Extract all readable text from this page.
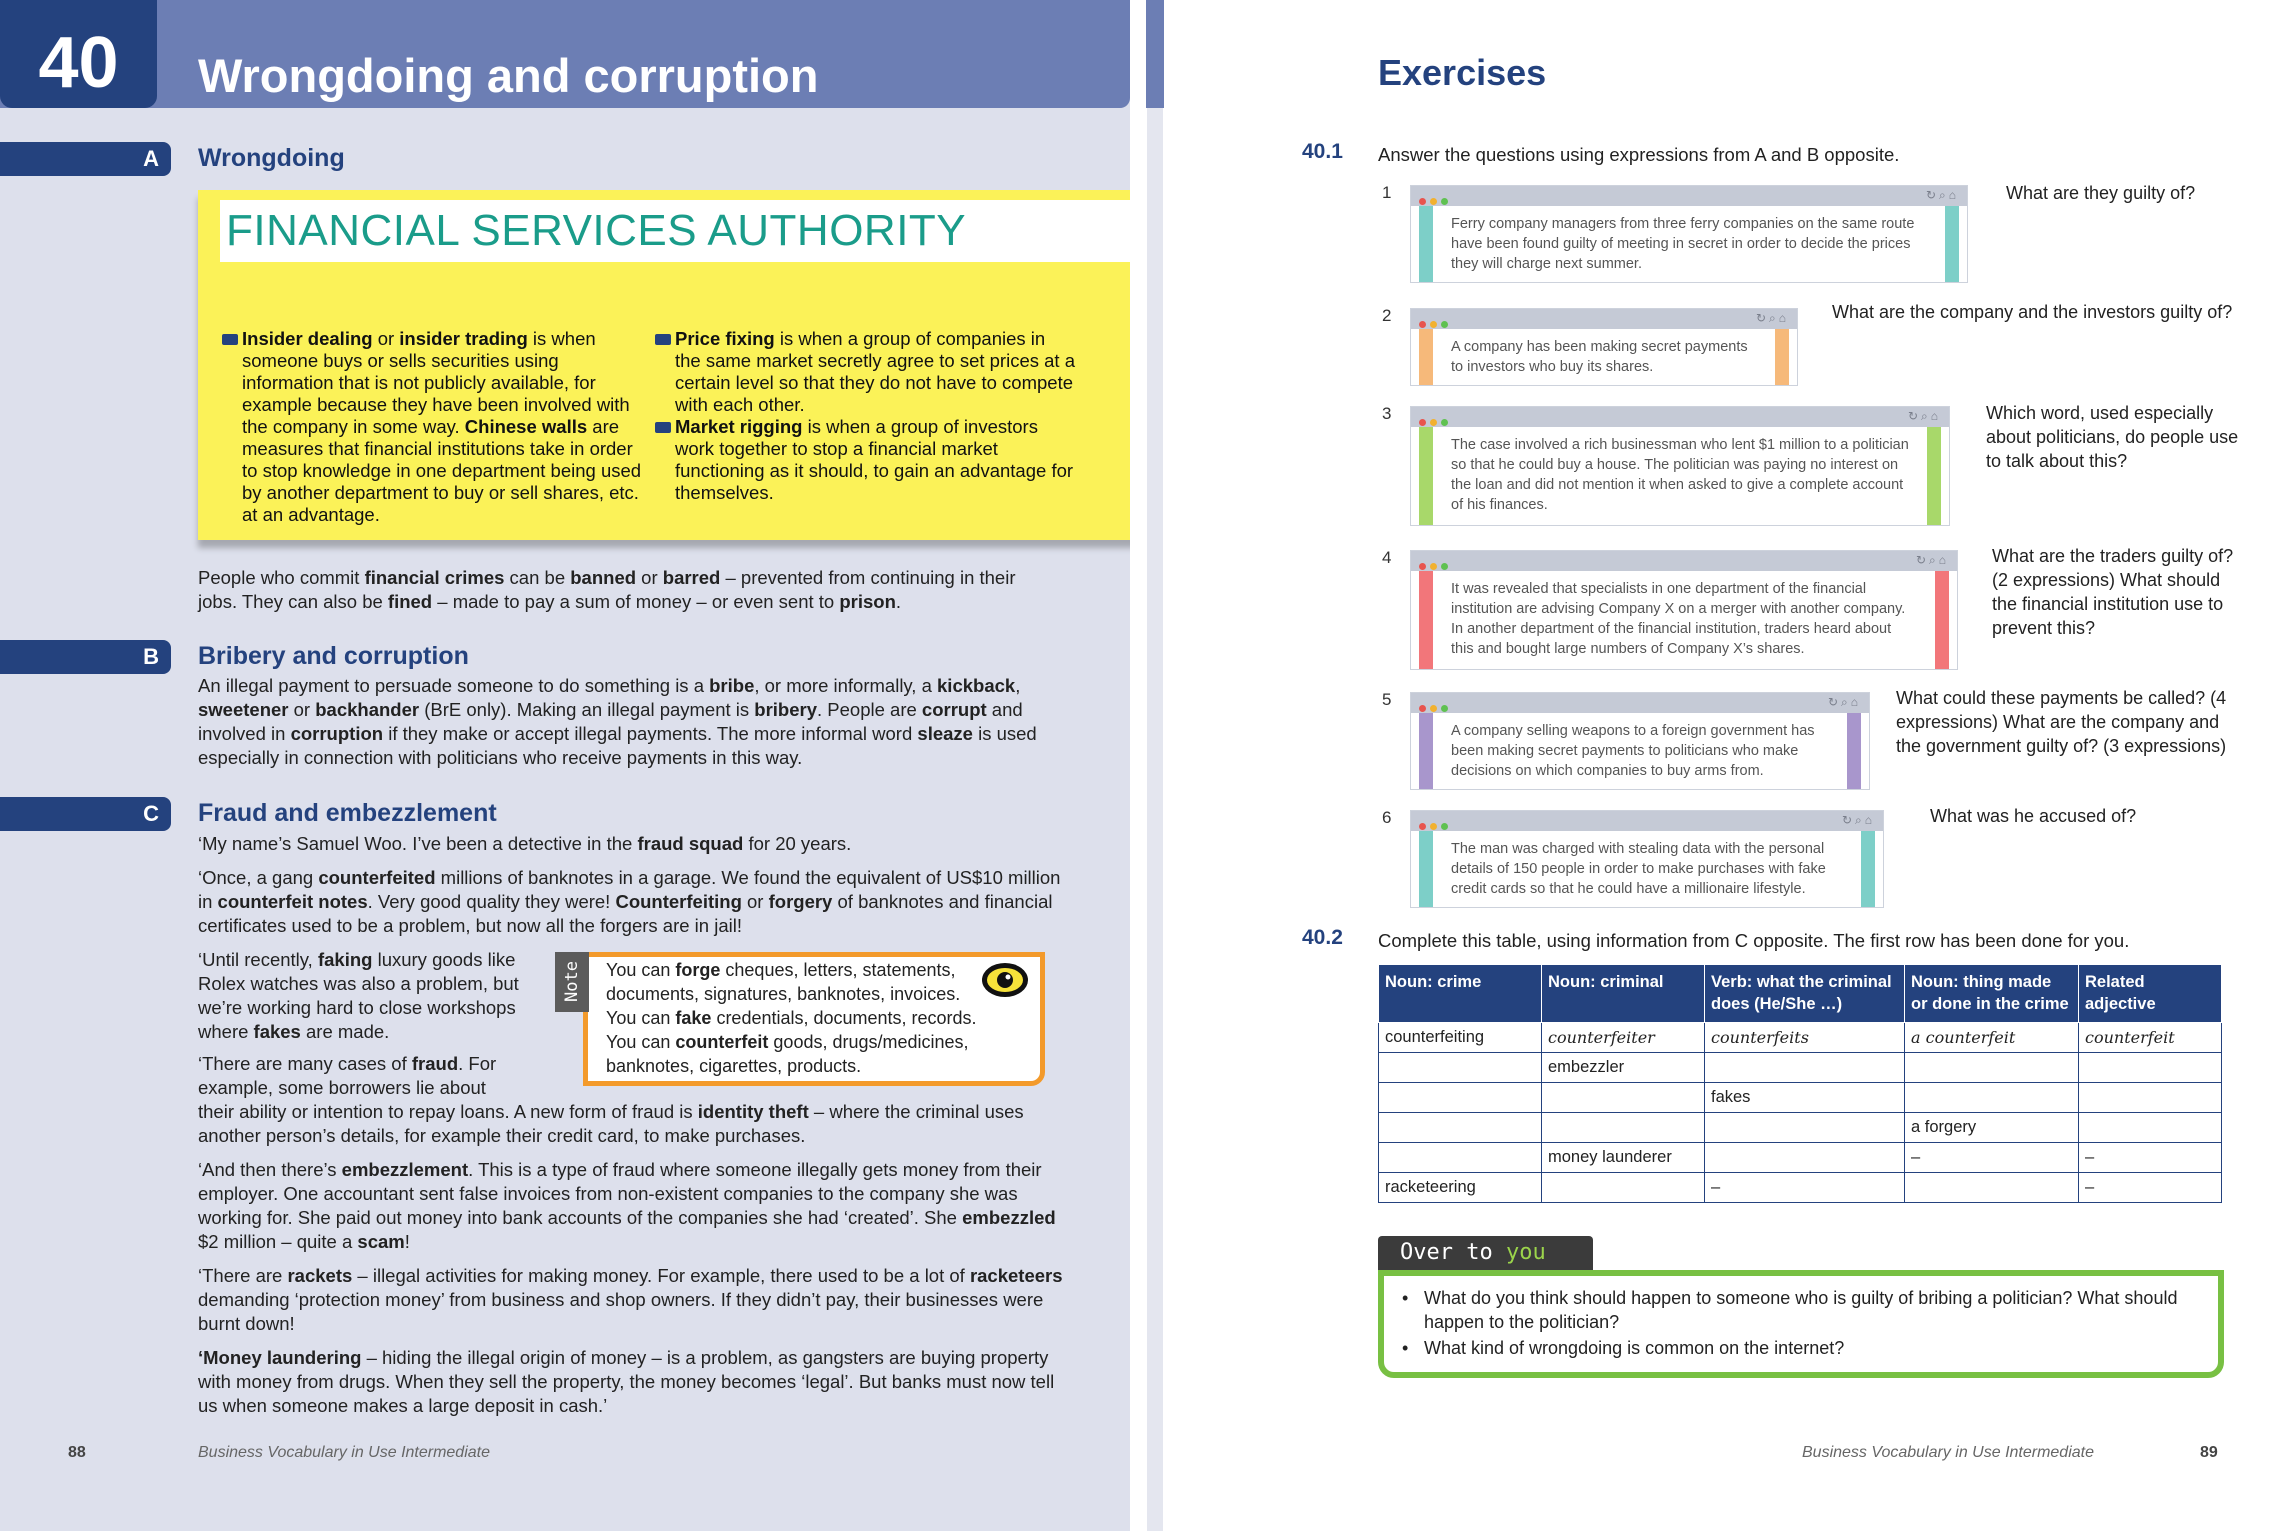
40	Wrongdoing and corruption
A	Wrongdoing
FINANCIAL SERVICES AUTHORITY
Insider dealing or insider trading is when someone buys or sells securities using information that is not publicly available, for example because they have been involved with the company in some way. Chinese walls are measures that financial institutions take in order to stop knowledge in one department being used by another department to buy or sell shares, etc. at an advantage.
Price fixing is when a group of companies in the same market secretly agree to set prices at a certain level so that they do not have to compete with each other.
Market rigging is when a group of investors work together to stop a financial market functioning as it should, to gain an advantage for themselves.
People who commit financial crimes can be banned or barred – prevented from continuing in their jobs. They can also be fined – made to pay a sum of money – or even sent to prison.
B	Bribery and corruption
An illegal payment to persuade someone to do something is a bribe, or more informally, a kickback, sweetener or backhander (BrE only). Making an illegal payment is bribery. People are corrupt and involved in corruption if they make or accept illegal payments. The more informal word sleaze is used especially in connection with politicians who receive payments in this way.
C	Fraud and embezzlement
‘My name’s Samuel Woo. I’ve been a detective in the fraud squad for 20 years.
‘Once, a gang counterfeited millions of banknotes in a garage. We found the equivalent of US$10 million in counterfeit notes. Very good quality they were! Counterfeiting or forgery of banknotes and financial certificates used to be a problem, but now all the forgers are in jail!
‘Until recently, faking luxury goods like Rolex watches was also a problem, but we’re working hard to close workshops where fakes are made.
‘There are many cases of fraud. For example, some borrowers lie about
their ability or intention to repay loans. A new form of fraud is identity theft – where the criminal uses another person’s details, for example their credit card, to make purchases.
‘And then there’s embezzlement. This is a type of fraud where someone illegally gets money from their employer. One accountant sent false invoices from non-existent companies to the company she was working for. She paid out money into bank accounts of the companies she had ‘created’. She embezzled $2 million – quite a scam!
‘There are rackets – illegal activities for making money. For example, there used to be a lot of racketeers demanding ‘protection money’ from business and shop owners. If they didn’t pay, their businesses were burnt down!
‘Money laundering – hiding the illegal origin of money – is a problem, as gangsters are buying property with money from drugs. When they sell the property, the money becomes ‘legal’. But banks must now tell us when someone makes a large deposit in cash.’
Note	You can forge cheques, letters, statements,
documents, signatures, banknotes, invoices.
You can fake credentials, documents, records.
You can counterfeit goods, drugs/medicines,
banknotes, cigarettes, products.
88	Business Vocabulary in Use Intermediate
Exercises
40.1 Answer the questions using expressions from A and B opposite.
1	↻⌕⌂
Ferry company managers from three ferry companies on the same route have been found guilty of meeting in secret in order to decide the prices they will charge next summer.
What are they guilty of?
2	↻⌕⌂
A company has been making secret payments to investors who buy its shares.
What are the company and the investors guilty of?
3	↻⌕⌂
The case involved a rich businessman who lent $1 million to a politician so that he could buy a house. The politician was paying no interest on the loan and did not mention it when asked to give a complete account of his finances.
Which word, used especially about politicians, do people use to talk about this?
4	↻⌕⌂
It was revealed that specialists in one department of the financial institution are advising Company X on a merger with another company. In another department of the financial institution, traders heard about this and bought large numbers of Company X’s shares.
What are the traders guilty of? (2 expressions) What should the financial institution use to prevent this?
5	↻⌕⌂
A company selling weapons to a foreign government has been making secret payments to politicians who make decisions on which companies to buy arms from.
What could these payments be called? (4 expressions) What are the company and the government guilty of? (3 expressions)
6	↻⌕⌂
The man was charged with stealing data with the personal details of 150 people in order to make purchases with fake credit cards so that he could have a millionaire lifestyle.
What was he accused of?
40.2 Complete this table, using information from C opposite. The first row has been done for you.
Noun: crime	Noun: criminal	Verb: what the criminal does (He/She …)	Noun: thing made or done in the crime	Related adjective
counterfeiting	counterfeiter	counterfeits	a counterfeit	counterfeit
	embezzler			
		fakes		
			a forgery	
	money launderer		–	–
racketeering		–		–
Over to you
• What do you think should happen to someone who is guilty of bribing a politician? What should happen to the politician?
• What kind of wrongdoing is common on the internet?
Business Vocabulary in Use Intermediate	89
